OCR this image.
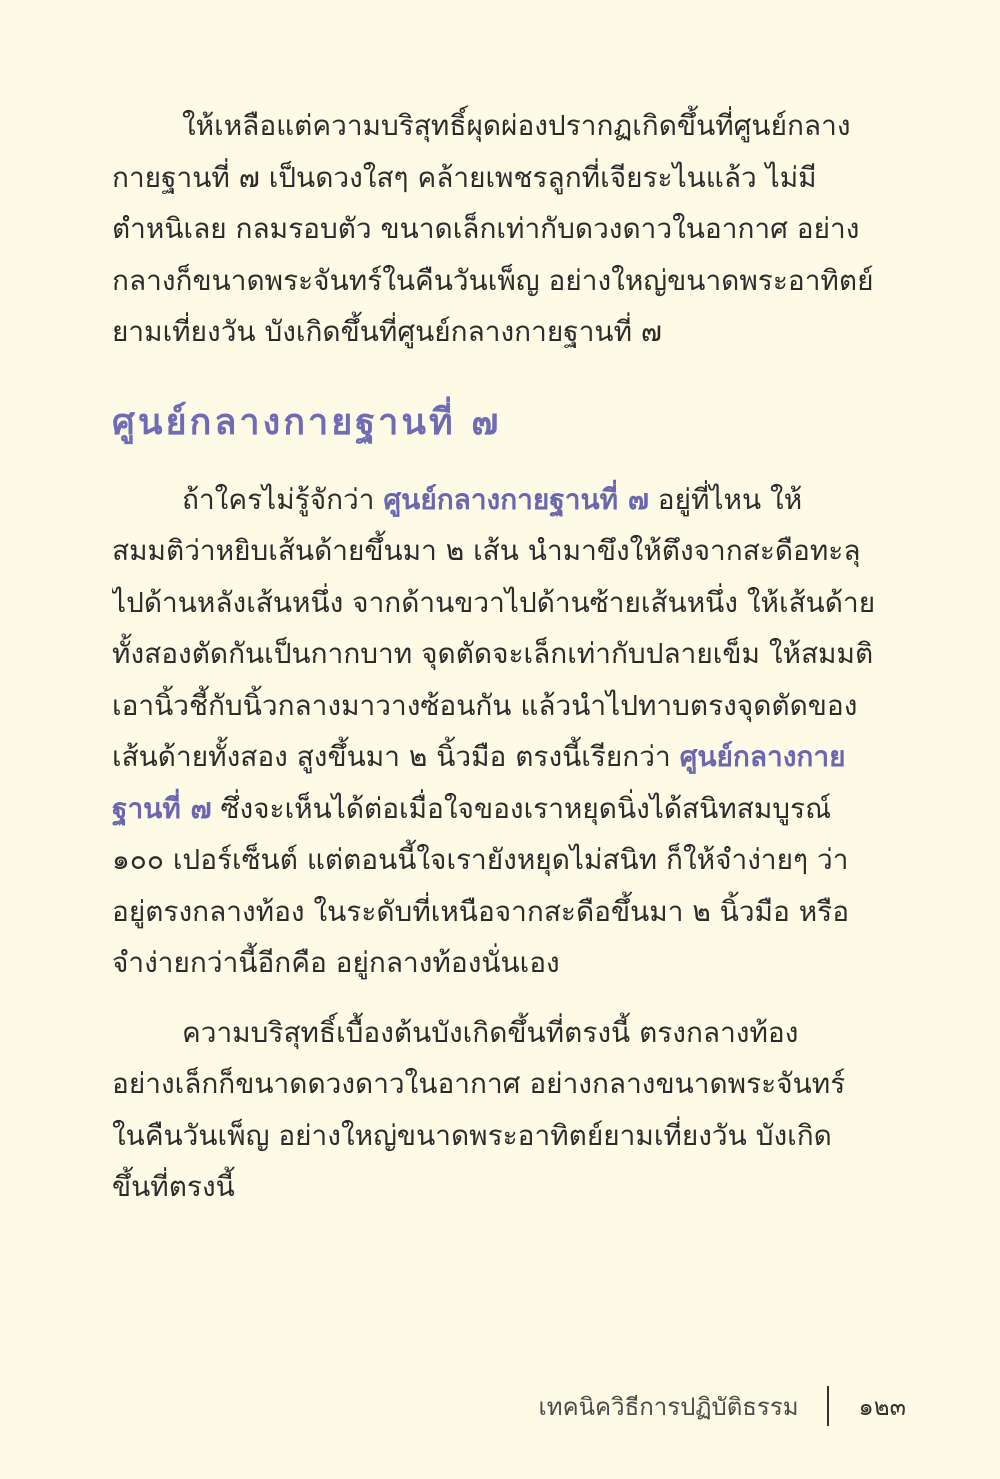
ให้เหลือแต่ความบริสุทธิ์ผุดผ่องปรากฏเกิดขึ้นที่ศูนย์กลาง
กายฐานที่ ๗ เป็นดวงใสๆ คล้ายเพชรลูกที่เจียระไนแล้ว ไม่มี
ตำหนิเลย กลมรอบตัว ขนาดเล็กเท่ากับดวงดาวในอากาศ อย่าง
กลางก็ขนาดพระจันทร์ในคืนวันเพ็ญ อย่างใหญ่ขนาดพระอาทิตย์
ยามเที่ยงวัน บังเกิดขึ้นที่ศูนย์กลางกายฐานที่ ๗
ศูนย์กลางกายฐานที่ ๗
ถ้าใครไม่รู้จักว่า ศูนย์กลางกายฐานที่ ๗ อยู่ที่ไหน ให้
สมมติว่าหยิบเส้นด้ายขึ้นมา ๒ เส้น นำมาขึงให้ตึงจากสะดือทะลุ
ไปด้านหลังเส้นหนึ่ง จากด้านขวาไปด้านซ้ายเส้นหนึ่ง ให้เส้นด้าย
ทั้งสองตัดกันเป็นกากบาท จุดตัดจะเล็กเท่ากับปลายเข็ม ให้สมมติ
เอานิ้วชี้กับนิ้วกลางมาวางซ้อนกัน แล้วนำไปทาบตรงจุดตัดของ
เส้นด้ายทั้งสอง สูงขึ้นมา ๒ นิ้วมือ ตรงนี้เรียกว่า ศูนย์กลางกาย
ฐานที่ ๗ ซึ่งจะเห็นได้ต่อเมื่อใจของเราหยุดนิ่งได้สนิทสมบูรณ์
๑๐๐ เปอร์เซ็นต์ แต่ตอนนี้ใจเรายังหยุดไม่สนิท ก็ให้จำง่ายๆ ว่า
อยู่ตรงกลางท้อง ในระดับที่เหนือจากสะดือขึ้นมา ๒ นิ้วมือ หรือ
จำง่ายกว่านี้อีกคือ อยู่กลางท้องนั่นเอง
ความบริสุทธิ์เบื้องต้นบังเกิดขึ้นที่ตรงนี้ ตรงกลางท้อง
อย่างเล็กก็ขนาดดวงดาวในอากาศ อย่างกลางขนาดพระจันทร์
ในคืนวันเพ็ญ อย่างใหญ่ขนาดพระอาทิตย์ยามเที่ยงวัน บังเกิด
ขึ้นที่ตรงนี้
เทคนิควิธีการปฏิบัติธรรม	๑๒๓
